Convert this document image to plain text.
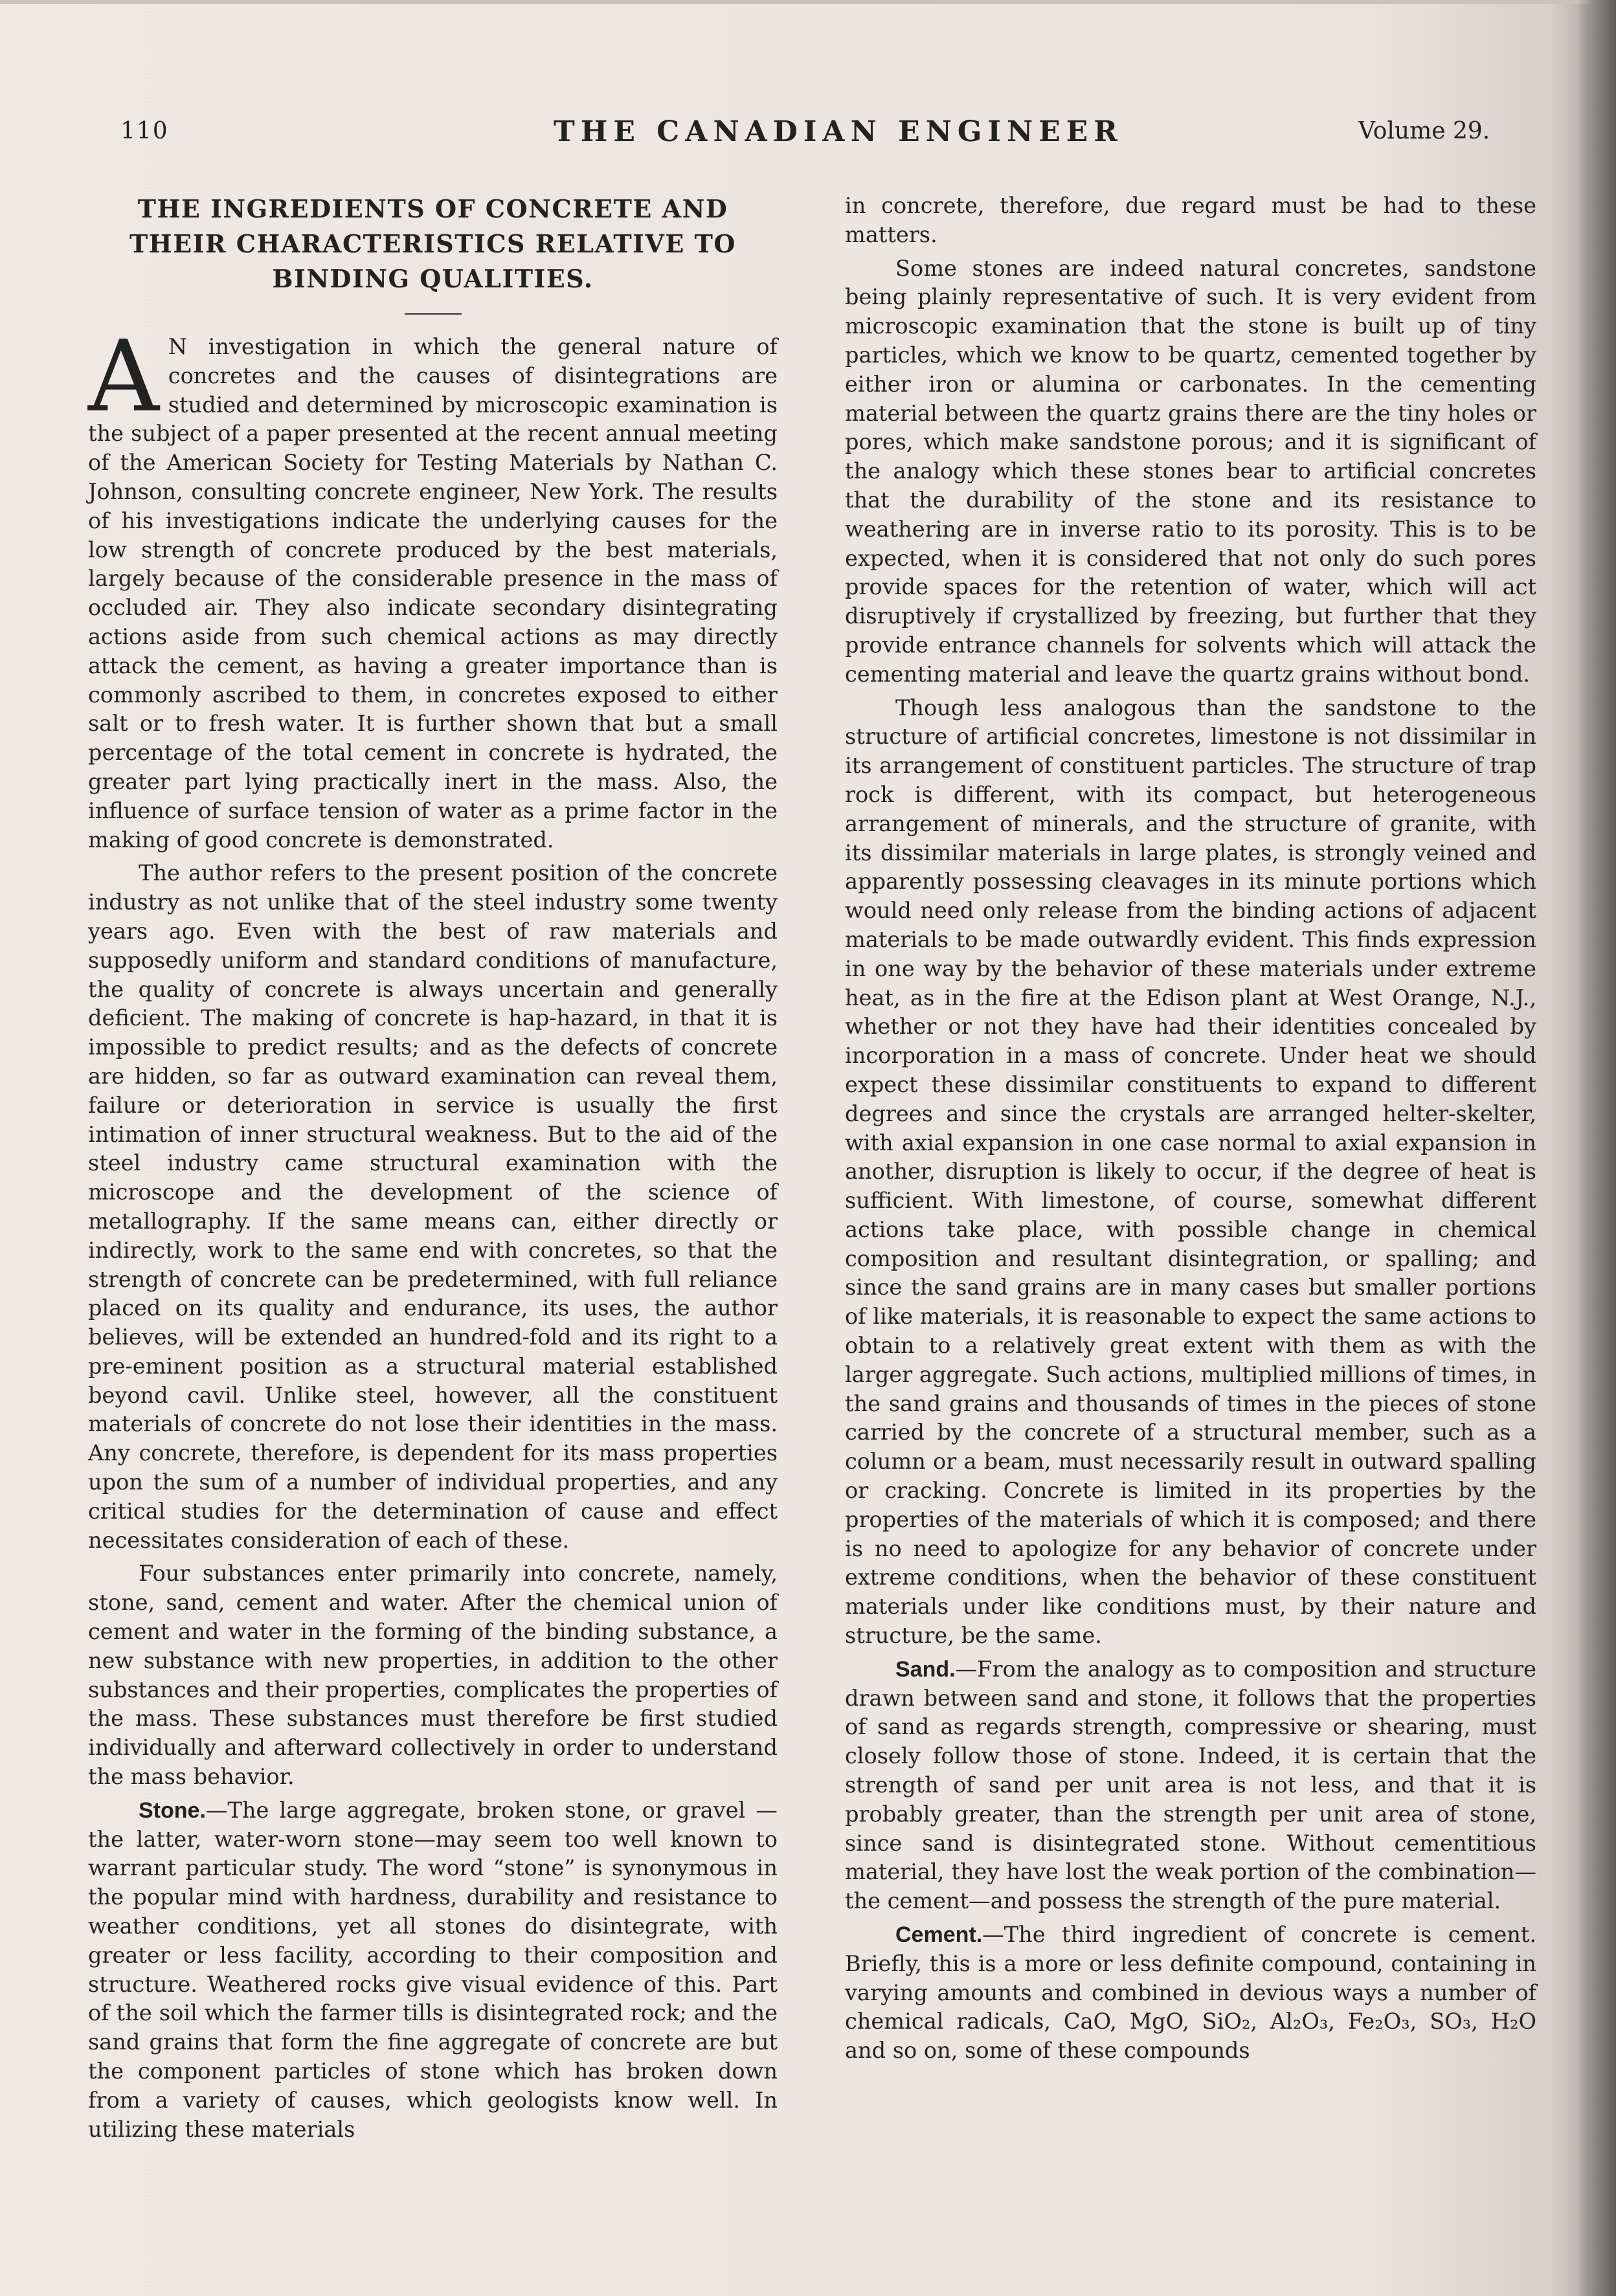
110	THE CANADIAN ENGINEER	Volume 29.
THE INGREDIENTS OF CONCRETE AND THEIR CHARACTERISTICS RELATIVE TO BINDING QUALITIES.

A N investigation in which the general nature of concretes and the causes of disintegrations are studied and determined by microscopic examination is the subject of a paper presented at the recent annual meeting of the American Society for Testing Materials by Nathan C. Johnson, consulting concrete engineer, New York. The results of his investigations indicate the underlying causes for the low strength of concrete produced by the best materials, largely because of the considerable presence in the mass of occluded air. They also indicate secondary disintegrating actions aside from such chemical actions as may directly attack the cement, as having a greater importance than is commonly ascribed to them, in concretes exposed to either salt or to fresh water. It is further shown that but a small percentage of the total cement in concrete is hydrated, the greater part lying practically inert in the mass. Also, the influence of surface tension of water as a prime factor in the making of good concrete is demonstrated.

The author refers to the present position of the concrete industry as not unlike that of the steel industry some twenty years ago. Even with the best of raw materials and supposedly uniform and standard conditions of manufacture, the quality of concrete is always uncertain and generally deficient. The making of concrete is hap-hazard, in that it is impossible to predict results; and as the defects of concrete are hidden, so far as outward examination can reveal them, failure or deterioration in service is usually the first intimation of inner structural weakness. But to the aid of the steel industry came structural examination with the microscope and the development of the science of metallography. If the same means can, either directly or indirectly, work to the same end with concretes, so that the strength of concrete can be predetermined, with full reliance placed on its quality and endurance, its uses, the author believes, will be extended an hundred-fold and its right to a pre-eminent position as a structural material established beyond cavil. Unlike steel, however, all the constituent materials of concrete do not lose their identities in the mass. Any concrete, therefore, is dependent for its mass properties upon the sum of a number of individual properties, and any critical studies for the determination of cause and effect necessitates consideration of each of these.

Four substances enter primarily into concrete, namely, stone, sand, cement and water. After the chemical union of cement and water in the forming of the binding substance, a new substance with new properties, in addition to the other substances and their properties, complicates the properties of the mass. These substances must therefore be first studied individually and afterward collectively in order to understand the mass behavior.

Stone.—The large aggregate, broken stone, or gravel —the latter, water-worn stone—may seem too well known to warrant particular study. The word “stone” is synonymous in the popular mind with hardness, durability and resistance to weather conditions, yet all stones do disintegrate, with greater or less facility, according to their composition and structure. Weathered rocks give visual evidence of this. Part of the soil which the farmer tills is disintegrated rock; and the sand grains that form the fine aggregate of concrete are but the component particles of stone which has broken down from a variety of causes, which geologists know well. In utilizing these materials

in concrete, therefore, due regard must be had to these matters.

Some stones are indeed natural concretes, sandstone being plainly representative of such. It is very evident from microscopic examination that the stone is built up of tiny particles, which we know to be quartz, cemented together by either iron or alumina or carbonates. In the cementing material between the quartz grains there are the tiny holes or pores, which make sandstone porous; and it is significant of the analogy which these stones bear to artificial concretes that the durability of the stone and its resistance to weathering are in inverse ratio to its porosity. This is to be expected, when it is considered that not only do such pores provide spaces for the retention of water, which will act disruptively if crystallized by freezing, but further that they provide entrance channels for solvents which will attack the cementing material and leave the quartz grains without bond.

Though less analogous than the sandstone to the structure of artificial concretes, limestone is not dissimilar in its arrangement of constituent particles. The structure of trap rock is different, with its compact, but heterogeneous arrangement of minerals, and the structure of granite, with its dissimilar materials in large plates, is strongly veined and apparently possessing cleavages in its minute portions which would need only release from the binding actions of adjacent materials to be made outwardly evident. This finds expression in one way by the behavior of these materials under extreme heat, as in the fire at the Edison plant at West Orange, N.J., whether or not they have had their identities concealed by incorporation in a mass of concrete. Under heat we should expect these dissimilar constituents to expand to different degrees and since the crystals are arranged helter-skelter, with axial expansion in one case normal to axial expansion in another, disruption is likely to occur, if the degree of heat is sufficient. With limestone, of course, somewhat different actions take place, with possible change in chemical composition and resultant disintegration, or spalling; and since the sand grains are in many cases but smaller portions of like materials, it is reasonable to expect the same actions to obtain to a relatively great extent with them as with the larger aggregate. Such actions, multiplied millions of times, in the sand grains and thousands of times in the pieces of stone carried by the concrete of a structural member, such as a column or a beam, must necessarily result in outward spalling or cracking. Concrete is limited in its properties by the properties of the materials of which it is composed; and there is no need to apologize for any behavior of concrete under extreme conditions, when the behavior of these constituent materials under like conditions must, by their nature and structure, be the same.

Sand.—From the analogy as to composition and structure drawn between sand and stone, it follows that the properties of sand as regards strength, compressive or shearing, must closely follow those of stone. Indeed, it is certain that the strength of sand per unit area is not less, and that it is probably greater, than the strength per unit area of stone, since sand is disintegrated stone. Without cementitious material, they have lost the weak portion of the combination—the cement—and possess the strength of the pure material.

Cement.—The third ingredient of concrete is cement. Briefly, this is a more or less definite compound, containing in varying amounts and combined in devious ways a number of chemical radicals, CaO, MgO, SiO₂, Al₂O₃, Fe₂O₃, SO₃, H₂O and so on, some of these compounds
